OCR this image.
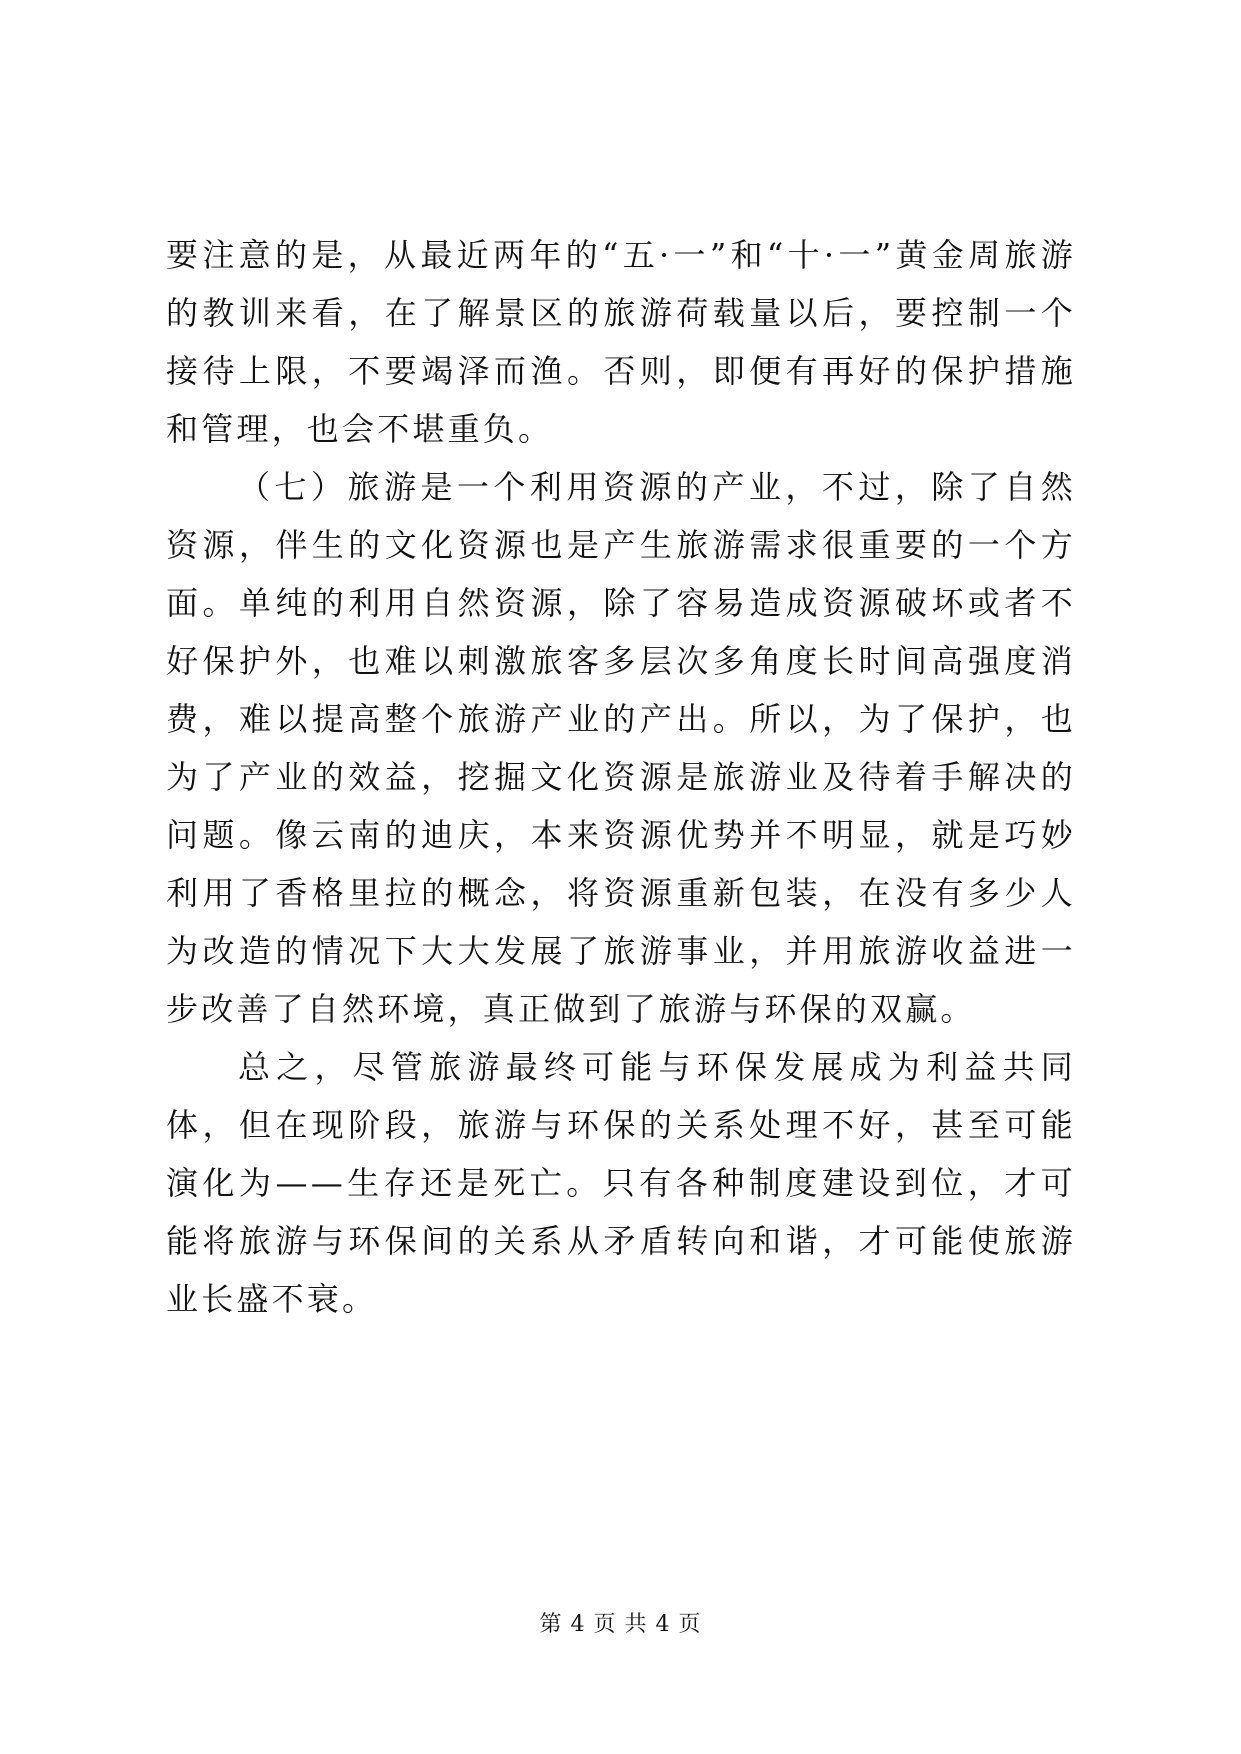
要注意的是，从最近两年的“五·一”和“十·一”黄金周旅游的教训来看，在了解景区的旅游荷载量以后，要控制一个接待上限，不要竭泽而渔。否则，即便有再好的保护措施和管理，也会不堪重负。

（七）旅游是一个利用资源的产业，不过，除了自然资源，伴生的文化资源也是产生旅游需求很重要的一个方面。单纯的利用自然资源，除了容易造成资源破坏或者不好保护外，也难以刺激旅客多层次多角度长时间高强度消费，难以提高整个旅游产业的产出。所以，为了保护，也为了产业的效益，挖掘文化资源是旅游业及待着手解决的问题。像云南的迪庆，本来资源优势并不明显，就是巧妙利用了香格里拉的概念，将资源重新包装，在没有多少人为改造的情况下大大发展了旅游事业，并用旅游收益进一步改善了自然环境，真正做到了旅游与环保的双赢。

总之，尽管旅游最终可能与环保发展成为利益共同体，但在现阶段，旅游与环保的关系处理不好，甚至可能演化为——生存还是死亡。只有各种制度建设到位，才可能将旅游与环保间的关系从矛盾转向和谐，才可能使旅游业长盛不衰。

第 4 页 共 4 页
